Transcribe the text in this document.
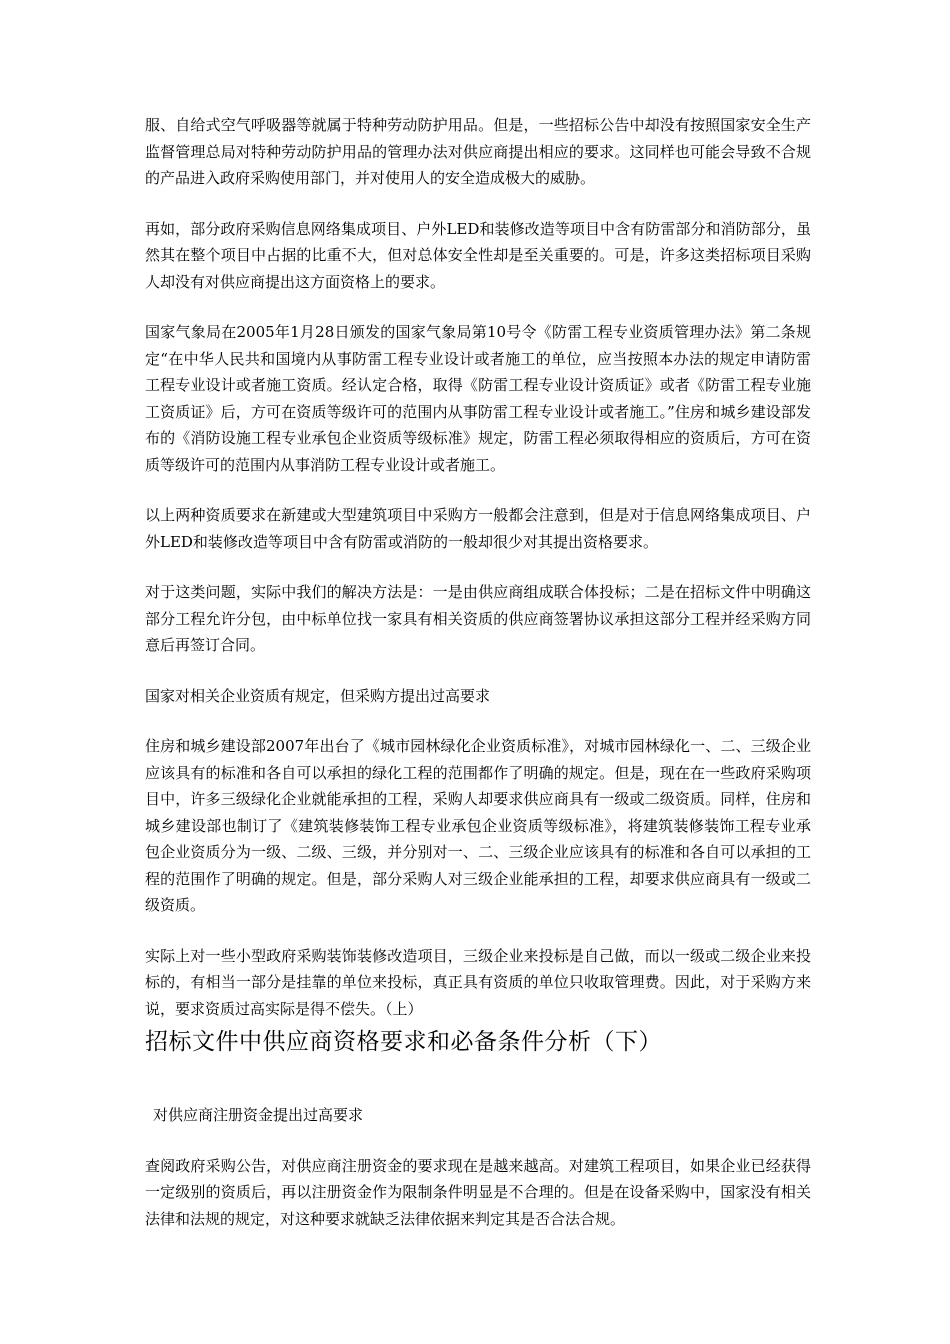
服、自给式空气呼吸器等就属于特种劳动防护用品。但是，一些招标公告中却没有按照国家安全生产监督管理总局对特种劳动防护用品的管理办法对供应商提出相应的要求。这同样也可能会导致不合规的产品进入政府采购使用部门，并对使用人的安全造成极大的威胁。

再如，部分政府采购信息网络集成项目、户外LED和装修改造等项目中含有防雷部分和消防部分，虽然其在整个项目中占据的比重不大，但对总体安全性却是至关重要的。可是，许多这类招标项目采购人却没有对供应商提出这方面资格上的要求。

国家气象局在2005年1月28日颁发的国家气象局第10号令《防雷工程专业资质管理办法》第二条规定“在中华人民共和国境内从事防雷工程专业设计或者施工的单位，应当按照本办法的规定申请防雷工程专业设计或者施工资质。经认定合格，取得《防雷工程专业设计资质证》或者《防雷工程专业施工资质证》后，方可在资质等级许可的范围内从事防雷工程专业设计或者施工。”住房和城乡建设部发布的《消防设施工程专业承包企业资质等级标准》规定，防雷工程必须取得相应的资质后，方可在资质等级许可的范围内从事消防工程专业设计或者施工。

以上两种资质要求在新建或大型建筑项目中采购方一般都会注意到，但是对于信息网络集成项目、户外LED和装修改造等项目中含有防雷或消防的一般却很少对其提出资格要求。

对于这类问题，实际中我们的解决方法是：一是由供应商组成联合体投标；二是在招标文件中明确这部分工程允许分包，由中标单位找一家具有相关资质的供应商签署协议承担这部分工程并经采购方同意后再签订合同。

国家对相关企业资质有规定，但采购方提出过高要求

住房和城乡建设部2007年出台了《城市园林绿化企业资质标准》，对城市园林绿化一、二、三级企业应该具有的标准和各自可以承担的绿化工程的范围都作了明确的规定。但是，现在在一些政府采购项目中，许多三级绿化企业就能承担的工程，采购人却要求供应商具有一级或二级资质。同样，住房和城乡建设部也制订了《建筑装修装饰工程专业承包企业资质等级标准》，将建筑装修装饰工程专业承包企业资质分为一级、二级、三级，并分别对一、二、三级企业应该具有的标准和各自可以承担的工程的范围作了明确的规定。但是，部分采购人对三级企业能承担的工程，却要求供应商具有一级或二级资质。

实际上对一些小型政府采购装饰装修改造项目，三级企业来投标是自己做，而以一级或二级企业来投标的，有相当一部分是挂靠的单位来投标，真正具有资质的单位只收取管理费。因此，对于采购方来说，要求资质过高实际是得不偿失。（上）

招标文件中供应商资格要求和必备条件分析（下）

对供应商注册资金提出过高要求

查阅政府采购公告，对供应商注册资金的要求现在是越来越高。对建筑工程项目，如果企业已经获得一定级别的资质后，再以注册资金作为限制条件明显是不合理的。但是在设备采购中，国家没有相关法律和法规的规定，对这种要求就缺乏法律依据来判定其是否合法合规。
